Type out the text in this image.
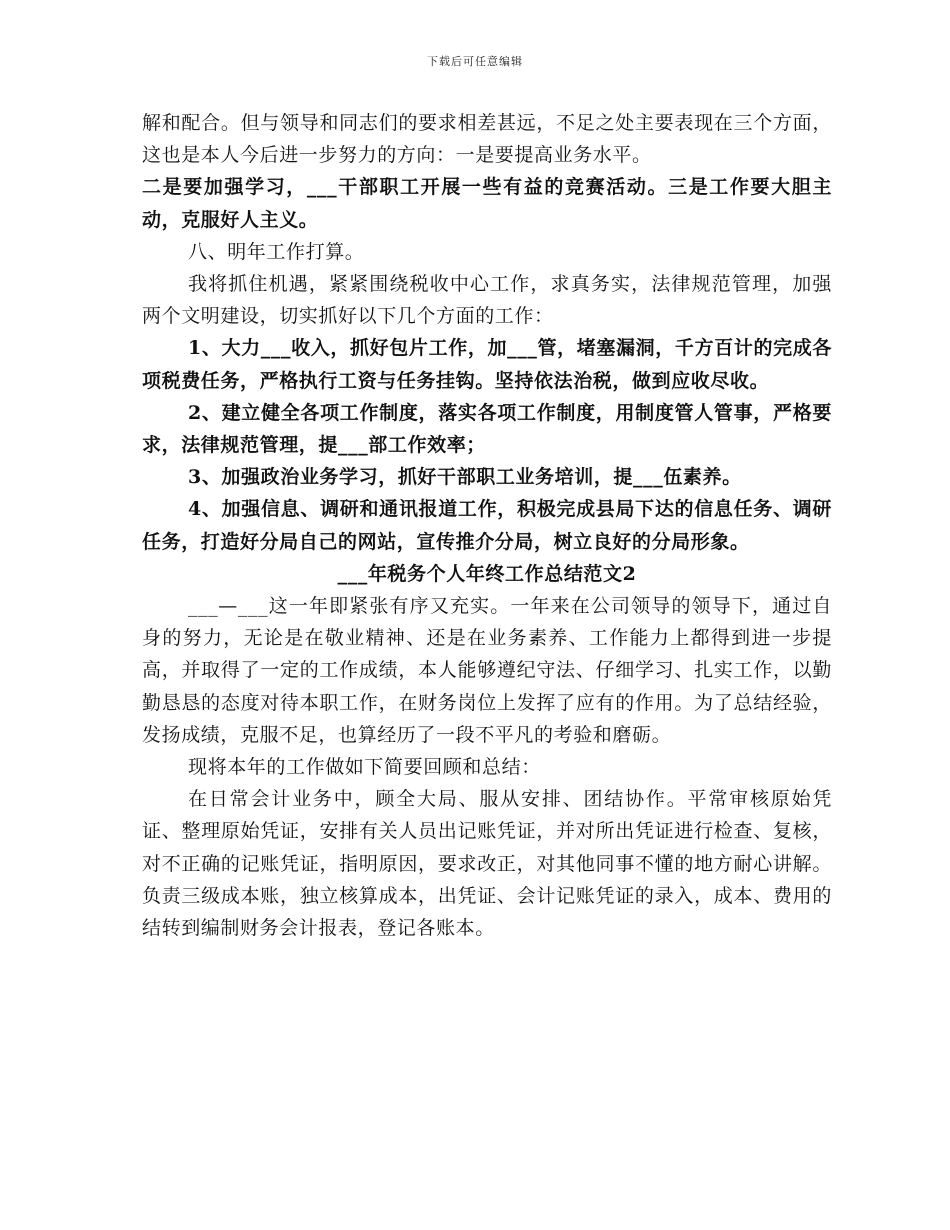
下载后可任意编辑

解和配合。但与领导和同志们的要求相差甚远，不足之处主要表现在三个方面，这也是本人今后进一步努力的方向：一是要提高业务水平。

二是要加强学习，___干部职工开展一些有益的竞赛活动。三是工作要大胆主动，克服好人主义。

八、明年工作打算。

我将抓住机遇，紧紧围绕税收中心工作，求真务实，法律规范管理，加强两个文明建设，切实抓好以下几个方面的工作：

1、大力___收入，抓好包片工作，加___管，堵塞漏洞，千方百计的完成各项税费任务，严格执行工资与任务挂钩。坚持依法治税，做到应收尽收。

2、建立健全各项工作制度，落实各项工作制度，用制度管人管事，严格要求，法律规范管理，提___部工作效率；

3、加强政治业务学习，抓好干部职工业务培训，提___伍素养。

4、加强信息、调研和通讯报道工作，积极完成县局下达的信息任务、调研任务，打造好分局自己的网站，宣传推介分局，树立良好的分局形象。

___年税务个人年终工作总结范文2

___—___这一年即紧张有序又充实。一年来在公司领导的领导下，通过自身的努力，无论是在敬业精神、还是在业务素养、工作能力上都得到进一步提高，并取得了一定的工作成绩，本人能够遵纪守法、仔细学习、扎实工作，以勤勤恳恳的态度对待本职工作，在财务岗位上发挥了应有的作用。为了总结经验，发扬成绩，克服不足，也算经历了一段不平凡的考验和磨砺。

现将本年的工作做如下简要回顾和总结：

在日常会计业务中，顾全大局、服从安排、团结协作。平常审核原始凭证、整理原始凭证，安排有关人员出记账凭证，并对所出凭证进行检查、复核，对不正确的记账凭证，指明原因，要求改正，对其他同事不懂的地方耐心讲解。负责三级成本账，独立核算成本，出凭证、会计记账凭证的录入，成本、费用的结转到编制财务会计报表，登记各账本。
